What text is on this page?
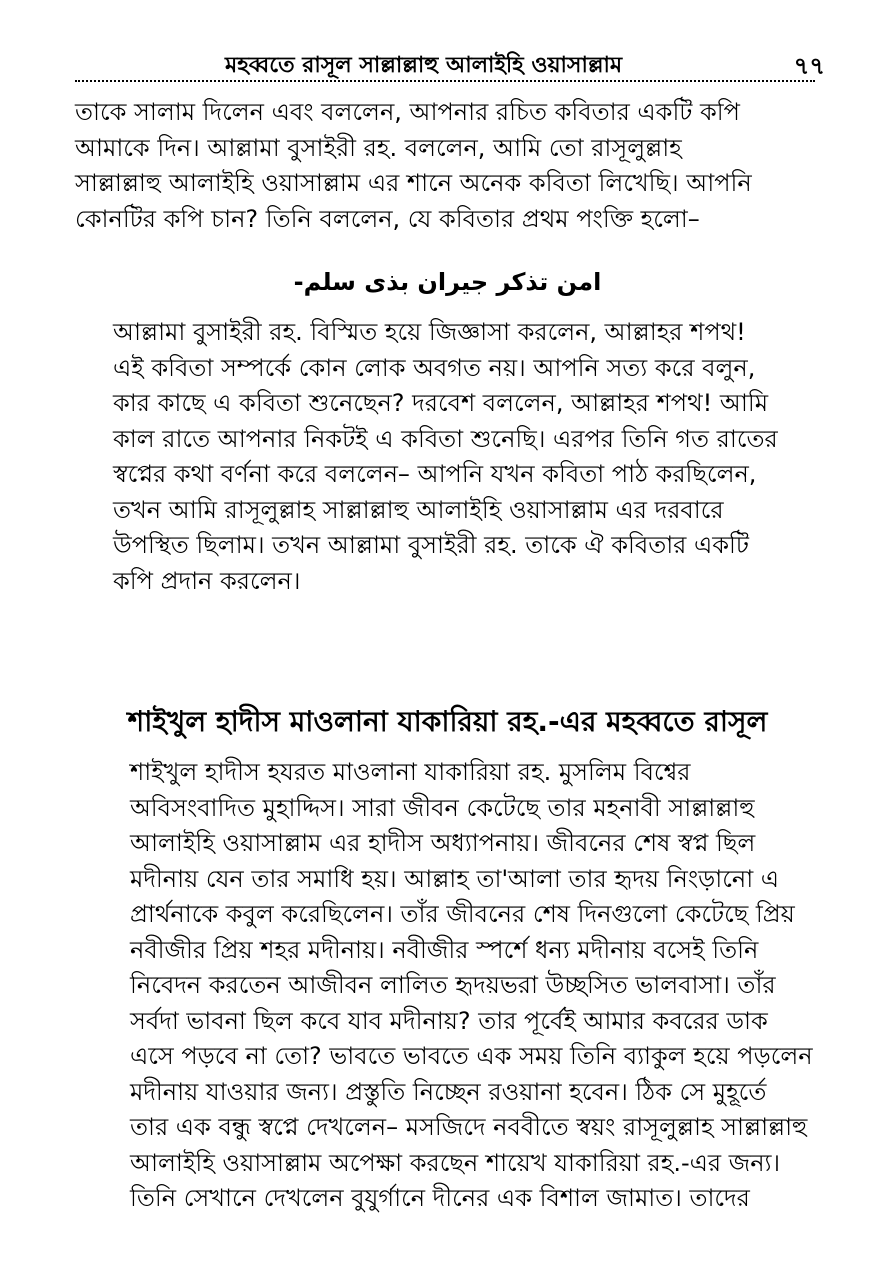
মহব্বতে রাসূল সাল্লাল্লাহু আলাইহি ওয়াসাল্লাম	৭৭
তাকে সালাম দিলেন এবং বললেন, আপনার রচিত কবিতার একটি কপি
আমাকে দিন। আল্লামা বুসাইরী রহ. বললেন, আমি তো রাসূলুল্লাহ
সাল্লাল্লাহু আলাইহি ওয়াসাল্লাম এর শানে অনেক কবিতা লিখেছি। আপনি
কোনটির কপি চান? তিনি বললেন, যে কবিতার প্রথম পংক্তি হলো–
امن تذكر جيران بذى سلم-
আল্লামা বুসাইরী রহ. বিস্মিত হয়ে জিজ্ঞাসা করলেন, আল্লাহর শপথ!
এই কবিতা সম্পর্কে কোন লোক অবগত নয়। আপনি সত্য করে বলুন,
কার কাছে এ কবিতা শুনেছেন? দরবেশ বললেন, আল্লাহর শপথ! আমি
কাল রাতে আপনার নিকটই এ কবিতা শুনেছি। এরপর তিনি গত রাতের
স্বপ্নের কথা বর্ণনা করে বললেন– আপনি যখন কবিতা পাঠ করছিলেন,
তখন আমি রাসূলুল্লাহ সাল্লাল্লাহু আলাইহি ওয়াসাল্লাম এর দরবারে
উপস্থিত ছিলাম। তখন আল্লামা বুসাইরী রহ. তাকে ঐ কবিতার একটি
কপি প্রদান করলেন।
শাইখুল হাদীস মাওলানা যাকারিয়া রহ.-এর মহব্বতে রাসূল
শাইখুল হাদীস হযরত মাওলানা যাকারিয়া রহ. মুসলিম বিশ্বের
অবিসংবাদিত মুহাদ্দিস। সারা জীবন কেটেছে তার মহনাবী সাল্লাল্লাহু
আলাইহি ওয়াসাল্লাম এর হাদীস অধ্যাপনায়। জীবনের শেষ স্বপ্ন ছিল
মদীনায় যেন তার সমাধি হয়। আল্লাহ তা'আলা তার হৃদয় নিংড়ানো এ
প্রার্থনাকে কবুল করেছিলেন। তাঁর জীবনের শেষ দিনগুলো কেটেছে প্রিয়
নবীজীর প্রিয় শহর মদীনায়। নবীজীর স্পর্শে ধন্য মদীনায় বসেই তিনি
নিবেদন করতেন আজীবন লালিত হৃদয়ভরা উচ্ছসিত ভালবাসা। তাঁর
সর্বদা ভাবনা ছিল কবে যাব মদীনায়? তার পূর্বেই আমার কবরের ডাক
এসে পড়বে না তো? ভাবতে ভাবতে এক সময় তিনি ব্যাকুল হয়ে পড়লেন
মদীনায় যাওয়ার জন্য। প্রস্তুতি নিচ্ছেন রওয়ানা হবেন। ঠিক সে মুহূর্তে
তার এক বন্ধু স্বপ্নে দেখলেন– মসজিদে নববীতে স্বয়ং রাসূলুল্লাহ সাল্লাল্লাহু
আলাইহি ওয়াসাল্লাম অপেক্ষা করছেন শায়েখ যাকারিয়া রহ.-এর জন্য।
তিনি সেখানে দেখলেন বুযুর্গানে দীনের এক বিশাল জামাত। তাদের
